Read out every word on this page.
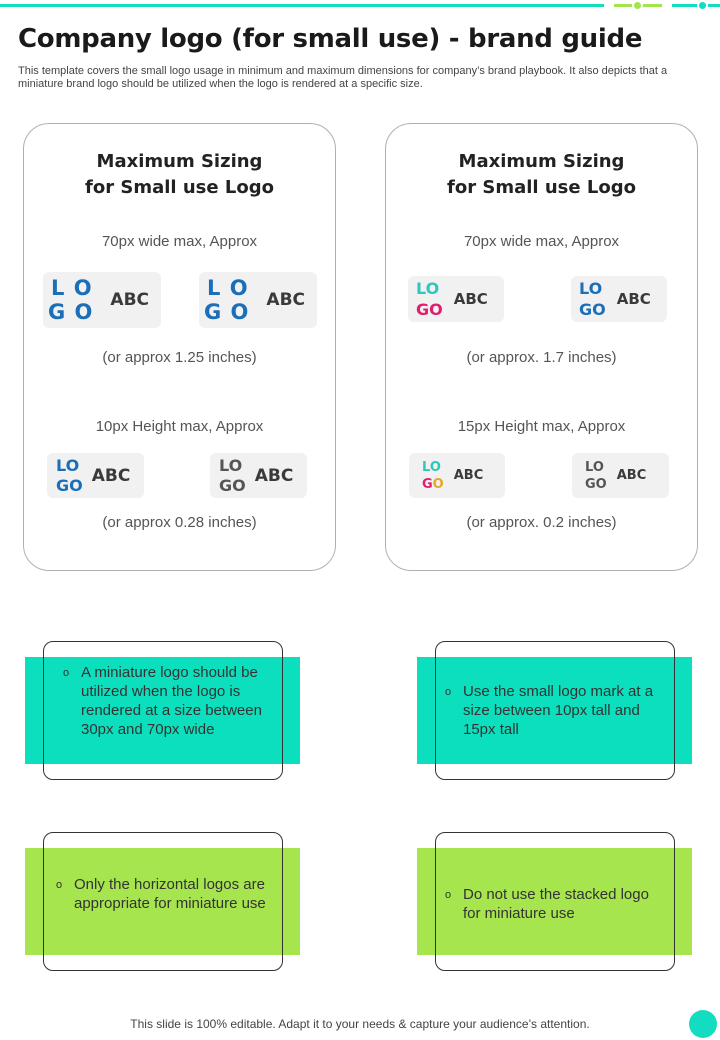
Company logo (for small use) - brand guide

This template covers the small logo usage in minimum and maximum dimensions for company’s brand playbook. It also depicts that a miniature brand logo should be utilized when the logo is rendered at a specific size.

Maximum Sizing
for Small use Logo
70px wide max, Approx
L O
G O ABC
L O
G O ABC
(or approx 1.25 inches)
10px Height max, Approx
LO
GO ABC
LO
GO ABC
(or approx 0.28 inches)
Maximum Sizing
for Small use Logo
70px wide max, Approx
LO
GO
ABC
LO
GO
ABC
(or approx. 1.7 inches)
15px Height max, Approx
LO
GO
ABC
LO
GO
ABC
(or approx. 0.2 inches)
o A miniature logo should be utilized when the logo is rendered at a size between 30px and 70px wide
o Use the small logo mark at a size between 10px tall and 15px tall
o Only the horizontal logos are appropriate for miniature use	o Do not use the stacked logo for miniature use
This slide is 100% editable. Adapt it to your needs & capture your audience’s attention.
